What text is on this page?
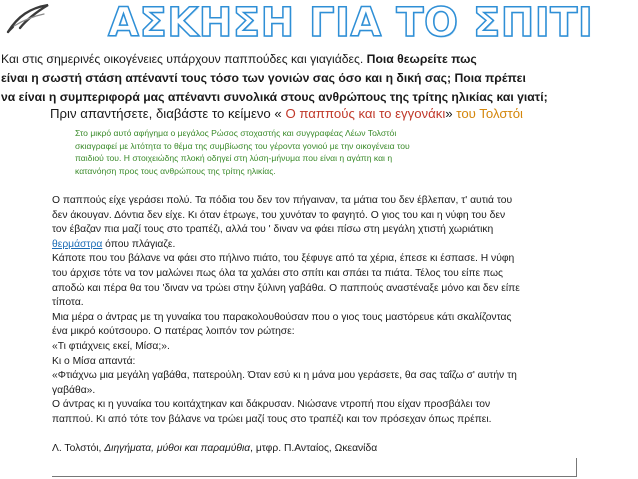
ΑΣΚΗΣΗ ΓΙΑ ΤΟ ΣΠΙΤΙ
Και στις σημερινές οικογένειες υπάρχουν παππούδες και γιαγιάδες. Ποια θεωρείτε πως
είναι η σωστή στάση απέναντί τους τόσο των γονιών σας όσο και η δική σας; Ποια πρέπει
να είναι η συμπεριφορά μας απέναντι συνολικά στους ανθρώπους της τρίτης ηλικίας και γιατί;
Πριν απαντήσετε, διαβάστε το κείμενο « Ο παππούς και το εγγονάκι» του Τολστόι
Στο μικρό αυτό αφήγημα ο μεγάλος Ρώσος στοχαστής και συγγραφέας Λέων Τολστόι
σκιαγραφεί με λιτότητα το θέμα της συμβίωσης του γέροντα γονιού με την οικογένεια του
παιδιού του. Η στοιχειώδης πλοκή οδηγεί στη λύση-μήνυμα που είναι η αγάπη και η
κατανόηση προς τους ανθρώπους της τρίτης ηλικίας.

Ο παππούς είχε γεράσει πολύ. Τα πόδια του δεν τον πήγαιναν, τα μάτια του δεν έβλεπαν, τ' αυτιά του

δεν άκουγαν. Δόντια δεν είχε. Κι όταν έτρωγε, του χυνόταν το φαγητό. Ο γιος του και η νύφη του δεν

τον έβαζαν πια μαζί τους στο τραπέζι, αλλά του ' διναν να φάει πίσω στη μεγάλη χτιστή χωριάτικη

θερμάστρα όπου πλάγιαζε.

Κάποτε που του βάλανε να φάει στο πήλινο πιάτο, του ξέφυγε από τα χέρια, έπεσε κι έσπασε. Η νύφη

του άρχισε τότε να τον μαλώνει πως όλα τα χαλάει στο σπίτι και σπάει τα πιάτα. Τέλος του είπε πως

αποδώ και πέρα θα του 'διναν να τρώει στην ξύλινη γαβάθα. Ο παππούς αναστέναξε μόνο και δεν είπε

τίποτα.

Μια μέρα ο άντρας με τη γυναίκα του παρακολουθούσαν που ο γιος τους μαστόρευε κάτι σκαλίζοντας

ένα μικρό κούτσουρο. Ο πατέρας λοιπόν τον ρώτησε:

«Τι φτιάχνεις εκεί, Μίσα;».

Κι ο Μίσα απαντά:

«Φτιάχνω μια μεγάλη γαβάθα, πατερούλη. Όταν εσύ κι η μάνα μου γεράσετε, θα σας ταΐζω σ' αυτήν τη

γαβάθα».

Ο άντρας κι η γυναίκα του κοιτάχτηκαν και δάκρυσαν. Νιώσανε ντροπή που είχαν προσβάλει τον

παππού. Κι από τότε τον βάλανε να τρώει μαζί τους στο τραπέζι και τον πρόσεχαν όπως πρέπει.

Λ. Τολστόι, Διηγήματα, μύθοι και παραμύθια, μτφρ. Π.Ανταίος, Ωκεανίδα
